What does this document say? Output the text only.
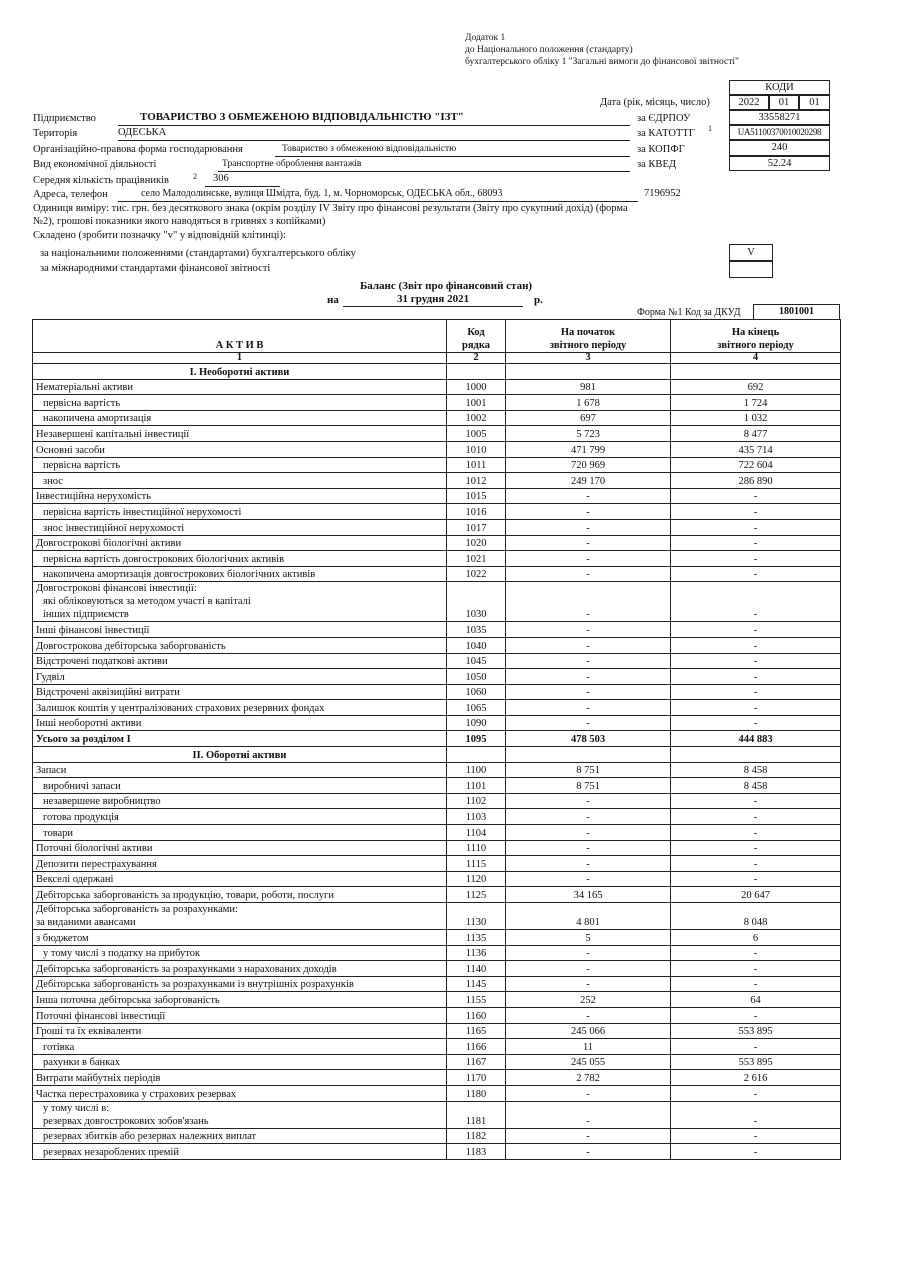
Додаток 1
до Національного положення (стандарту)
бухгалтерського обліку 1 "Загальні вимоги до фінансової звітності"
КОДИ
Дата (рік, місяць, число)	2022	01	01
за ЄДРПОУ	33558271
за КАТОТТГ 1	UA51100370010020298
за КОПФГ	240
за КВЕД	52.24
Підприємство	ТОВАРИСТВО З ОБМЕЖЕНОЮ ВІДПОВІДАЛЬНІСТЮ "ІЗТ"
Територія	ОДЕСЬКА
Організаційно-правова форма господарювання	Товариство з обмеженою відповідальністю
Вид економічної діяльності	Транспортне оброблення вантажів
Середня кількість працівників	2 306
Адреса, телефон	село Малодолинське, вулиця Шмідта, буд. 1, м. Чорноморськ, ОДЕСЬКА обл., 68093	7196952
Одиниця виміру: тис. грн. без десяткового знака (окрім розділу IV Звіту про фінансові результати (Звіту про сукупний дохід) (форма
№2), грошові показники якого наводяться в гривнях з копійками)
Складено (зробити позначку "v" у відповідній клітинці):
за національними положеннями (стандартами) бухгалтерського обліку	V
за міжнародними стандартами фінансової звітності
Баланс (Звіт про фінансовий стан)
на	31 грудня 2021	р.
Форма №1 Код за ДКУД	1801001
А К Т И В	Код
рядка	На початок
звітного періоду	На кінець
звітного періоду
1	2	3	4
І. Необоротні активи			

Нематеріальні активи	1000	981	692

первісна вартість	1001	1 678	1 724

накопичена амортизація	1002	697	1 032

Незавершені капітальні інвестиції	1005	5 723	8 477

Основні засоби	1010	471 799	435 714

первісна вартість	1011	720 969	722 604

знос	1012	249 170	286 890

Інвестиційна нерухомість	1015	-	-

первісна вартість інвестиційної нерухомості	1016	-	-

знос інвестиційної нерухомості	1017	-	-

Довгострокові біологічні активи	1020	-	-

первісна вартість довгострокових біологічних активів	1021	-	-

накопичена амортизація довгострокових біологічних активів	1022	-	-

Довгострокові фінансові інвестиції:
які обліковуються за методом участі в капіталі
інших підприємств	1030	-	-

Інші фінансові інвестиції	1035	-	-

Довгострокова дебіторська заборгованість	1040	-	-

Відстрочені податкові активи	1045	-	-

Гудвіл	1050	-	-

Відстрочені аквізиційні витрати	1060	-	-

Залишок коштів у централізованих страхових резервних фондах	1065	-	-

Інші необоротні активи	1090	-	-

Усього за розділом І	1095	478 503	444 883
ІІ. Оборотні активи			

Запаси	1100	8 751	8 458

виробничі запаси	1101	8 751	8 458

незавершене виробництво	1102	-	-

готова продукція	1103	-	-

товари	1104	-	-

Поточні біологічні активи	1110	-	-

Депозити перестрахування	1115	-	-

Векселі одержані	1120	-	-

Дебіторська заборгованість за продукцію, товари, роботи, послуги	1125	34 165	20 647

Дебіторська заборгованість за розрахунками:
за виданими авансами	1130	4 801	8 048

з бюджетом	1135	5	6

у тому числі з податку на прибуток	1136	-	-

Дебіторська заборгованість за розрахунками з нарахованих доходів	1140	-	-

Дебіторська заборгованість за розрахунками із внутрішніх розрахунків	1145	-	-

Інша поточна дебіторська заборгованість	1155	252	64

Поточні фінансові інвестиції	1160	-	-

Гроші та їх еквіваленти	1165	245 066	553 895

готівка	1166	11	-

рахунки в банках	1167	245 055	553 895

Витрати майбутніх періодів	1170	2 782	2 616

Частка перестраховика у страхових резервах	1180	-	-

у тому числі в:
резервах довгострокових зобов'язань	1181	-	-

резервах збитків або резервах належних виплат	1182	-	-

резервах незароблених премій	1183	-	-
